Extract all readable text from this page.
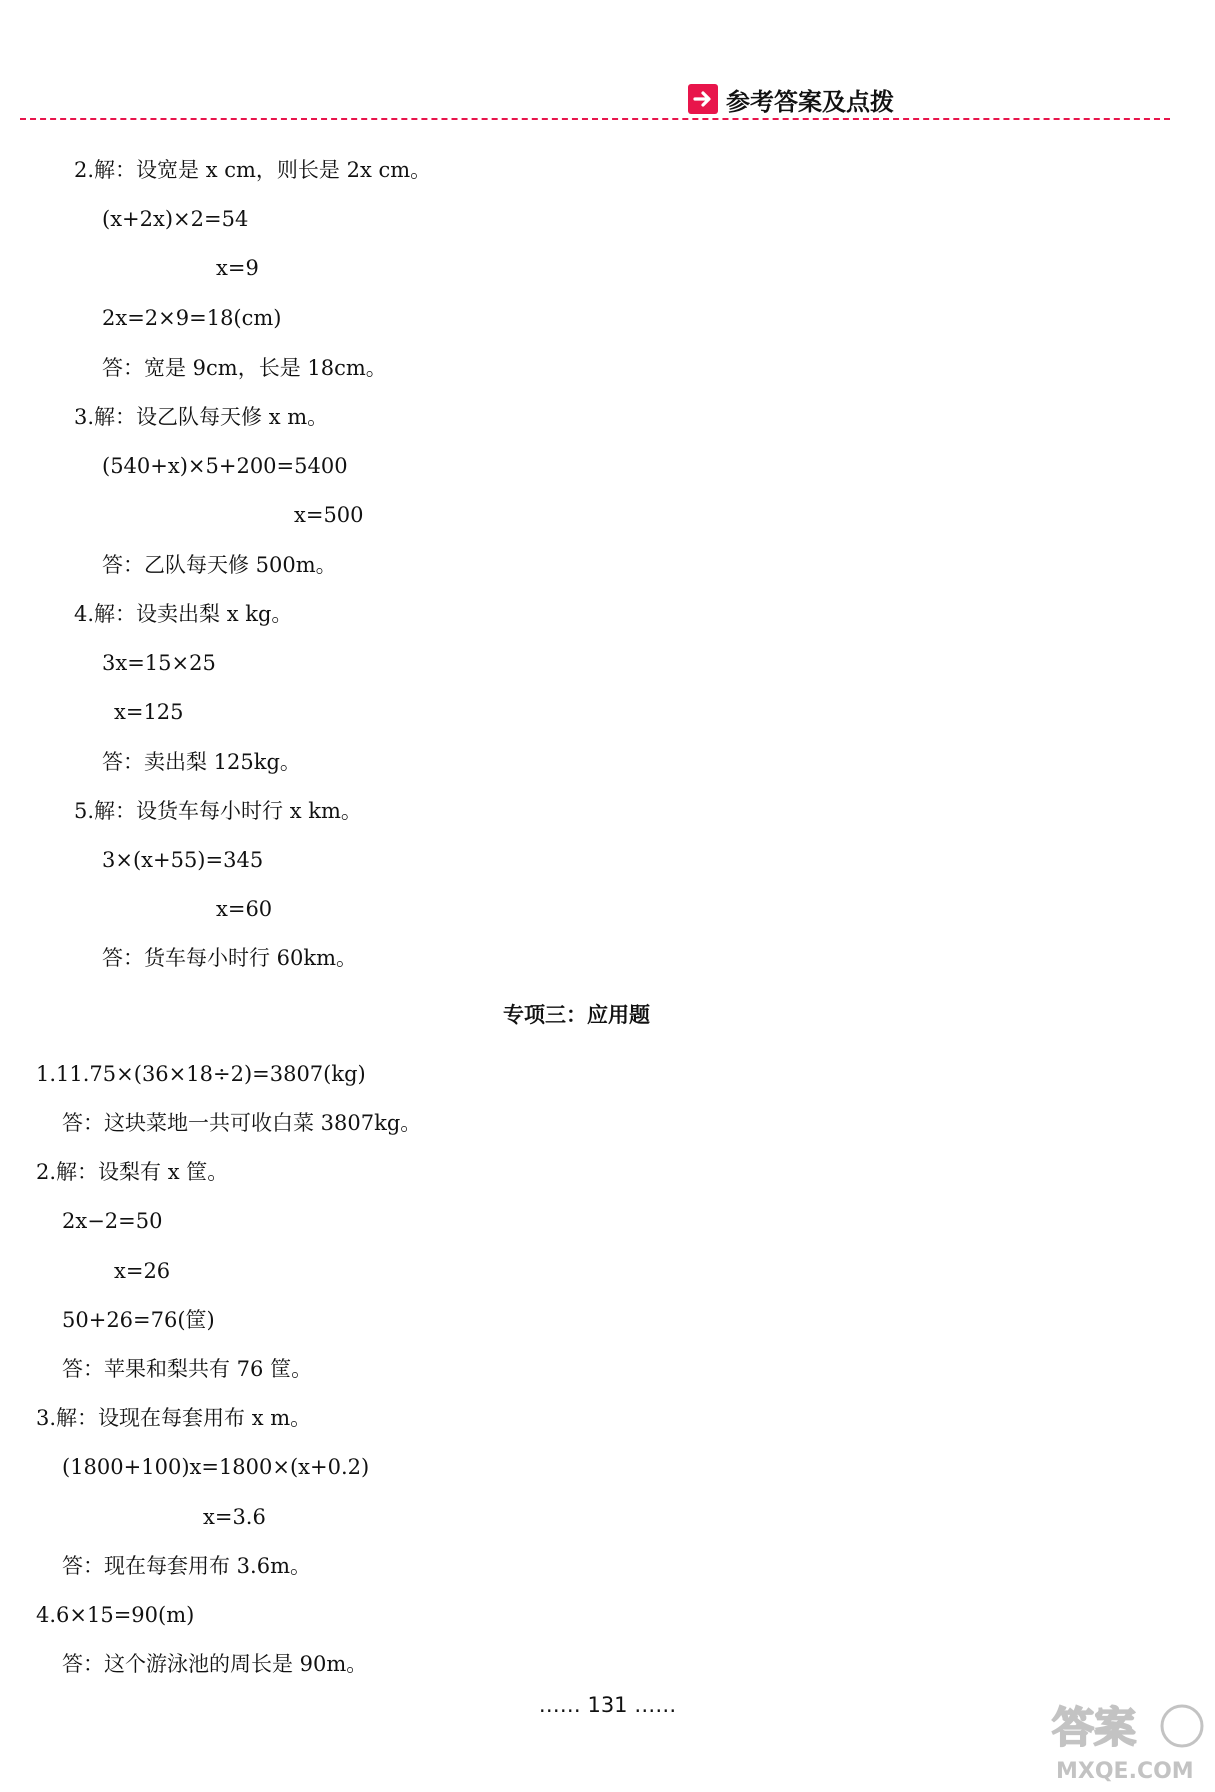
参考答案及点拨
2.解：设宽是 x cm，则长是 2x cm。
(x+2x)×2=54
x=9
2x=2×9=18(cm)
答：宽是 9cm，长是 18cm。
3.解：设乙队每天修 x m。
(540+x)×5+200=5400
x=500
答：乙队每天修 500m。
4.解：设卖出梨 x kg。
3x=15×25
x=125
答：卖出梨 125kg。
5.解：设货车每小时行 x km。
3×(x+55)=345
x=60
答：货车每小时行 60km。
专项三：应用题
1.11.75×(36×18÷2)=3807(kg)
答：这块菜地一共可收白菜 3807kg。
2.解：设梨有 x 筐。
2x−2=50
x=26
50+26=76(筐)
答：苹果和梨共有 76 筐。
3.解：设现在每套用布 x m。
(1800+100)x=1800×(x+0.2)
x=3.6
答：现在每套用布 3.6m。
4.6×15=90(m)
答：这个游泳池的周长是 90m。
…… 131 ……	答案
MXQE.COM
